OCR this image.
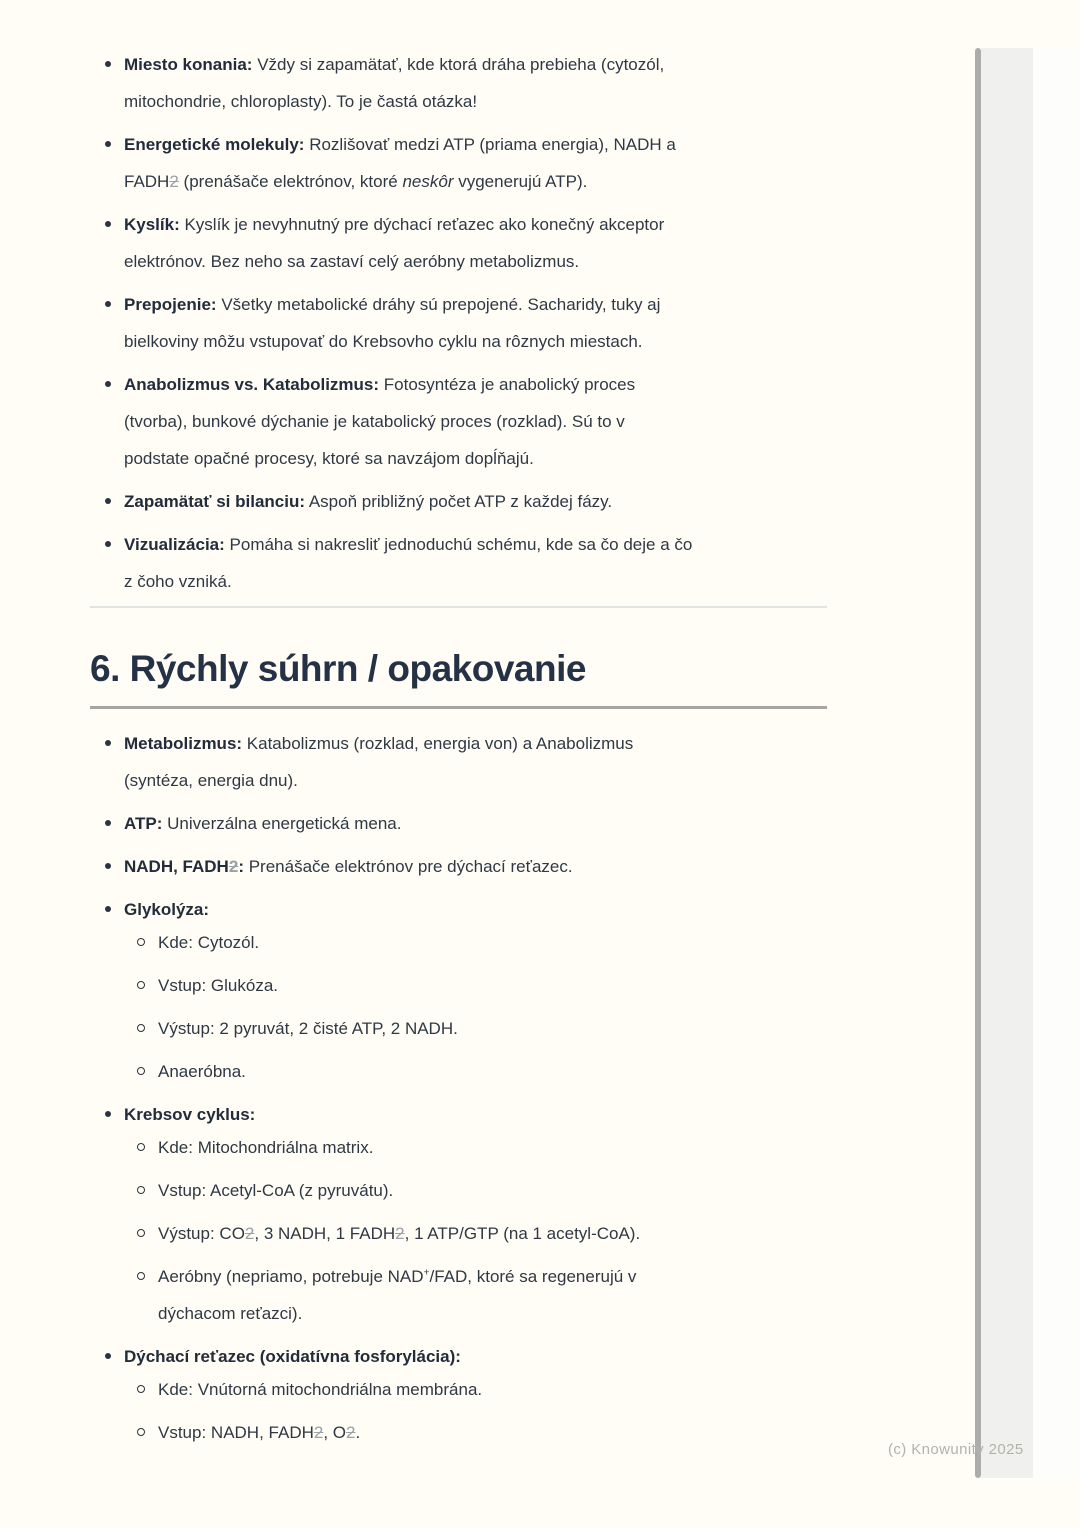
Miesto konania: Vždy si zapamätať, kde ktorá dráha prebieha (cytozól,
mitochondrie, chloroplasty). To je častá otázka!
Energetické molekuly: Rozlišovať medzi ATP (priama energia), NADH a
FADH2 (prenášače elektrónov, ktoré neskôr vygenerujú ATP).
Kyslík: Kyslík je nevyhnutný pre dýchací reťazec ako konečný akceptor
elektrónov. Bez neho sa zastaví celý aeróbny metabolizmus.
Prepojenie: Všetky metabolické dráhy sú prepojené. Sacharidy, tuky aj
bielkoviny môžu vstupovať do Krebsovho cyklu na rôznych miestach.
Anabolizmus vs. Katabolizmus: Fotosyntéza je anabolický proces
(tvorba), bunkové dýchanie je katabolický proces (rozklad). Sú to v
podstate opačné procesy, ktoré sa navzájom dopĺňajú.
Zapamätať si bilanciu: Aspoň približný počet ATP z každej fázy.
Vizualizácia: Pomáha si nakresliť jednoduchú schému, kde sa čo deje a čo
z čoho vzniká.
6. Rýchly súhrn / opakovanie
Metabolizmus: Katabolizmus (rozklad, energia von) a Anabolizmus
(syntéza, energia dnu).
ATP: Univerzálna energetická mena.
NADH, FADH2: Prenášače elektrónov pre dýchací reťazec.
Glykolýza:
Kde: Cytozól.
Vstup: Glukóza.
Výstup: 2 pyruvát, 2 čisté ATP, 2 NADH.
Anaeróbna.
Krebsov cyklus:
Kde: Mitochondriálna matrix.
Vstup: Acetyl-CoA (z pyruvátu).
Výstup: CO2, 3 NADH, 1 FADH2, 1 ATP/GTP (na 1 acetyl-CoA).
Aeróbny (nepriamo, potrebuje NAD+/FAD, ktoré sa regenerujú v
dýchacom reťazci).
Dýchací reťazec (oxidatívna fosforylácia):
Kde: Vnútorná mitochondriálna membrána.
Vstup: NADH, FADH2, O2.
(c) Knowunity 2025
